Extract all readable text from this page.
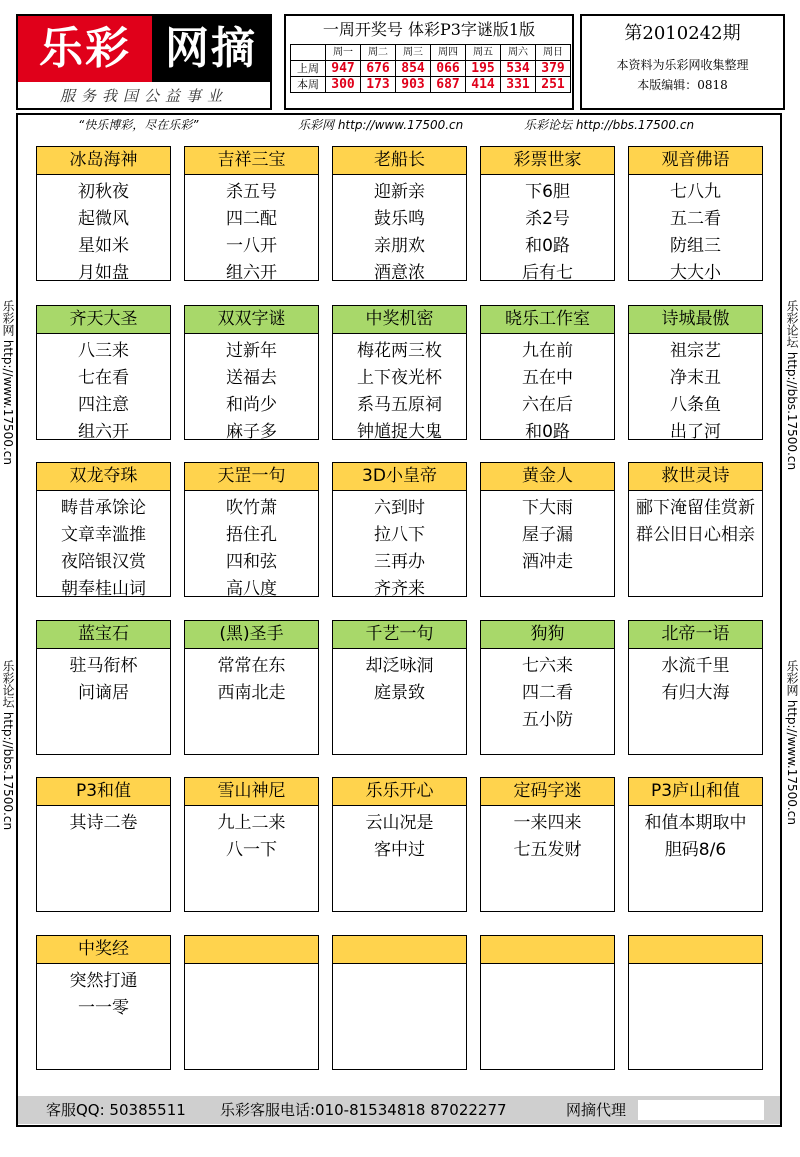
乐彩 网摘
服务我国公益事业
一周开奖号 体彩P3字谜版1版
	周一	周二	周三	周四	周五	周六	周日
上周	947	676	854	066	195	534	379
本周	300	173	903	687	414	331	251
第2010242期
本资料为乐彩网收集整理
本版编辑：0818
乐彩网 http://www.17500.cn
乐彩论坛 http://bbs.17500.cn
乐彩论坛 http://bbs.17500.cn
乐彩网 http://www.17500.cn
“快乐博彩，尽在乐彩”	乐彩网 http://www.17500.cn	乐彩论坛 http://bbs.17500.cn
冰岛海神
初秋夜
起微风
星如米
月如盘
吉祥三宝
杀五号
四二配
一八开
组六开
老船长
迎新亲
鼓乐鸣
亲朋欢
酒意浓
彩票世家
下6胆
杀2号
和0路
后有七
观音佛语
七八九
五二看
防组三
大大小
齐天大圣
八三来
七在看
四注意
组六开
双双字谜
过新年
送福去
和尚少
麻子多
中奖机密
梅花两三枚
上下夜光杯
系马五原祠
钟馗捉大鬼
晓乐工作室
九在前
五在中
六在后
和0路
诗城最傲
祖宗艺
净末丑
八条鱼
出了河
双龙夺珠
畴昔承馀论
文章幸滥推
夜陪银汉赏
朝奉桂山词
天罡一句
吹竹萧
捂住孔
四和弦
高八度
3D小皇帝
六到时
拉八下
三再办
齐齐来
黄金人
下大雨
屋子漏
酒冲走
救世灵诗
郦下淹留佳赏新
群公旧日心相亲
蓝宝石
驻马衔杯
问谪居
(黑)圣手
常常在东
西南北走
千艺一句
却泛咏洞
庭景致
狗狗
七六来
四二看
五小防
北帝一语
水流千里
有归大海
P3和值
其诗二卷
雪山神尼
九上二来
八一下
乐乐开心
云山况是
客中过
定码字迷
一来四来
七五发财
P3庐山和值
和值本期取中
胆码8/6
中奖经
突然打通
一一零
客服QQ: 50385511 乐彩客服电话:010-81534818 87022277	网摘代理
